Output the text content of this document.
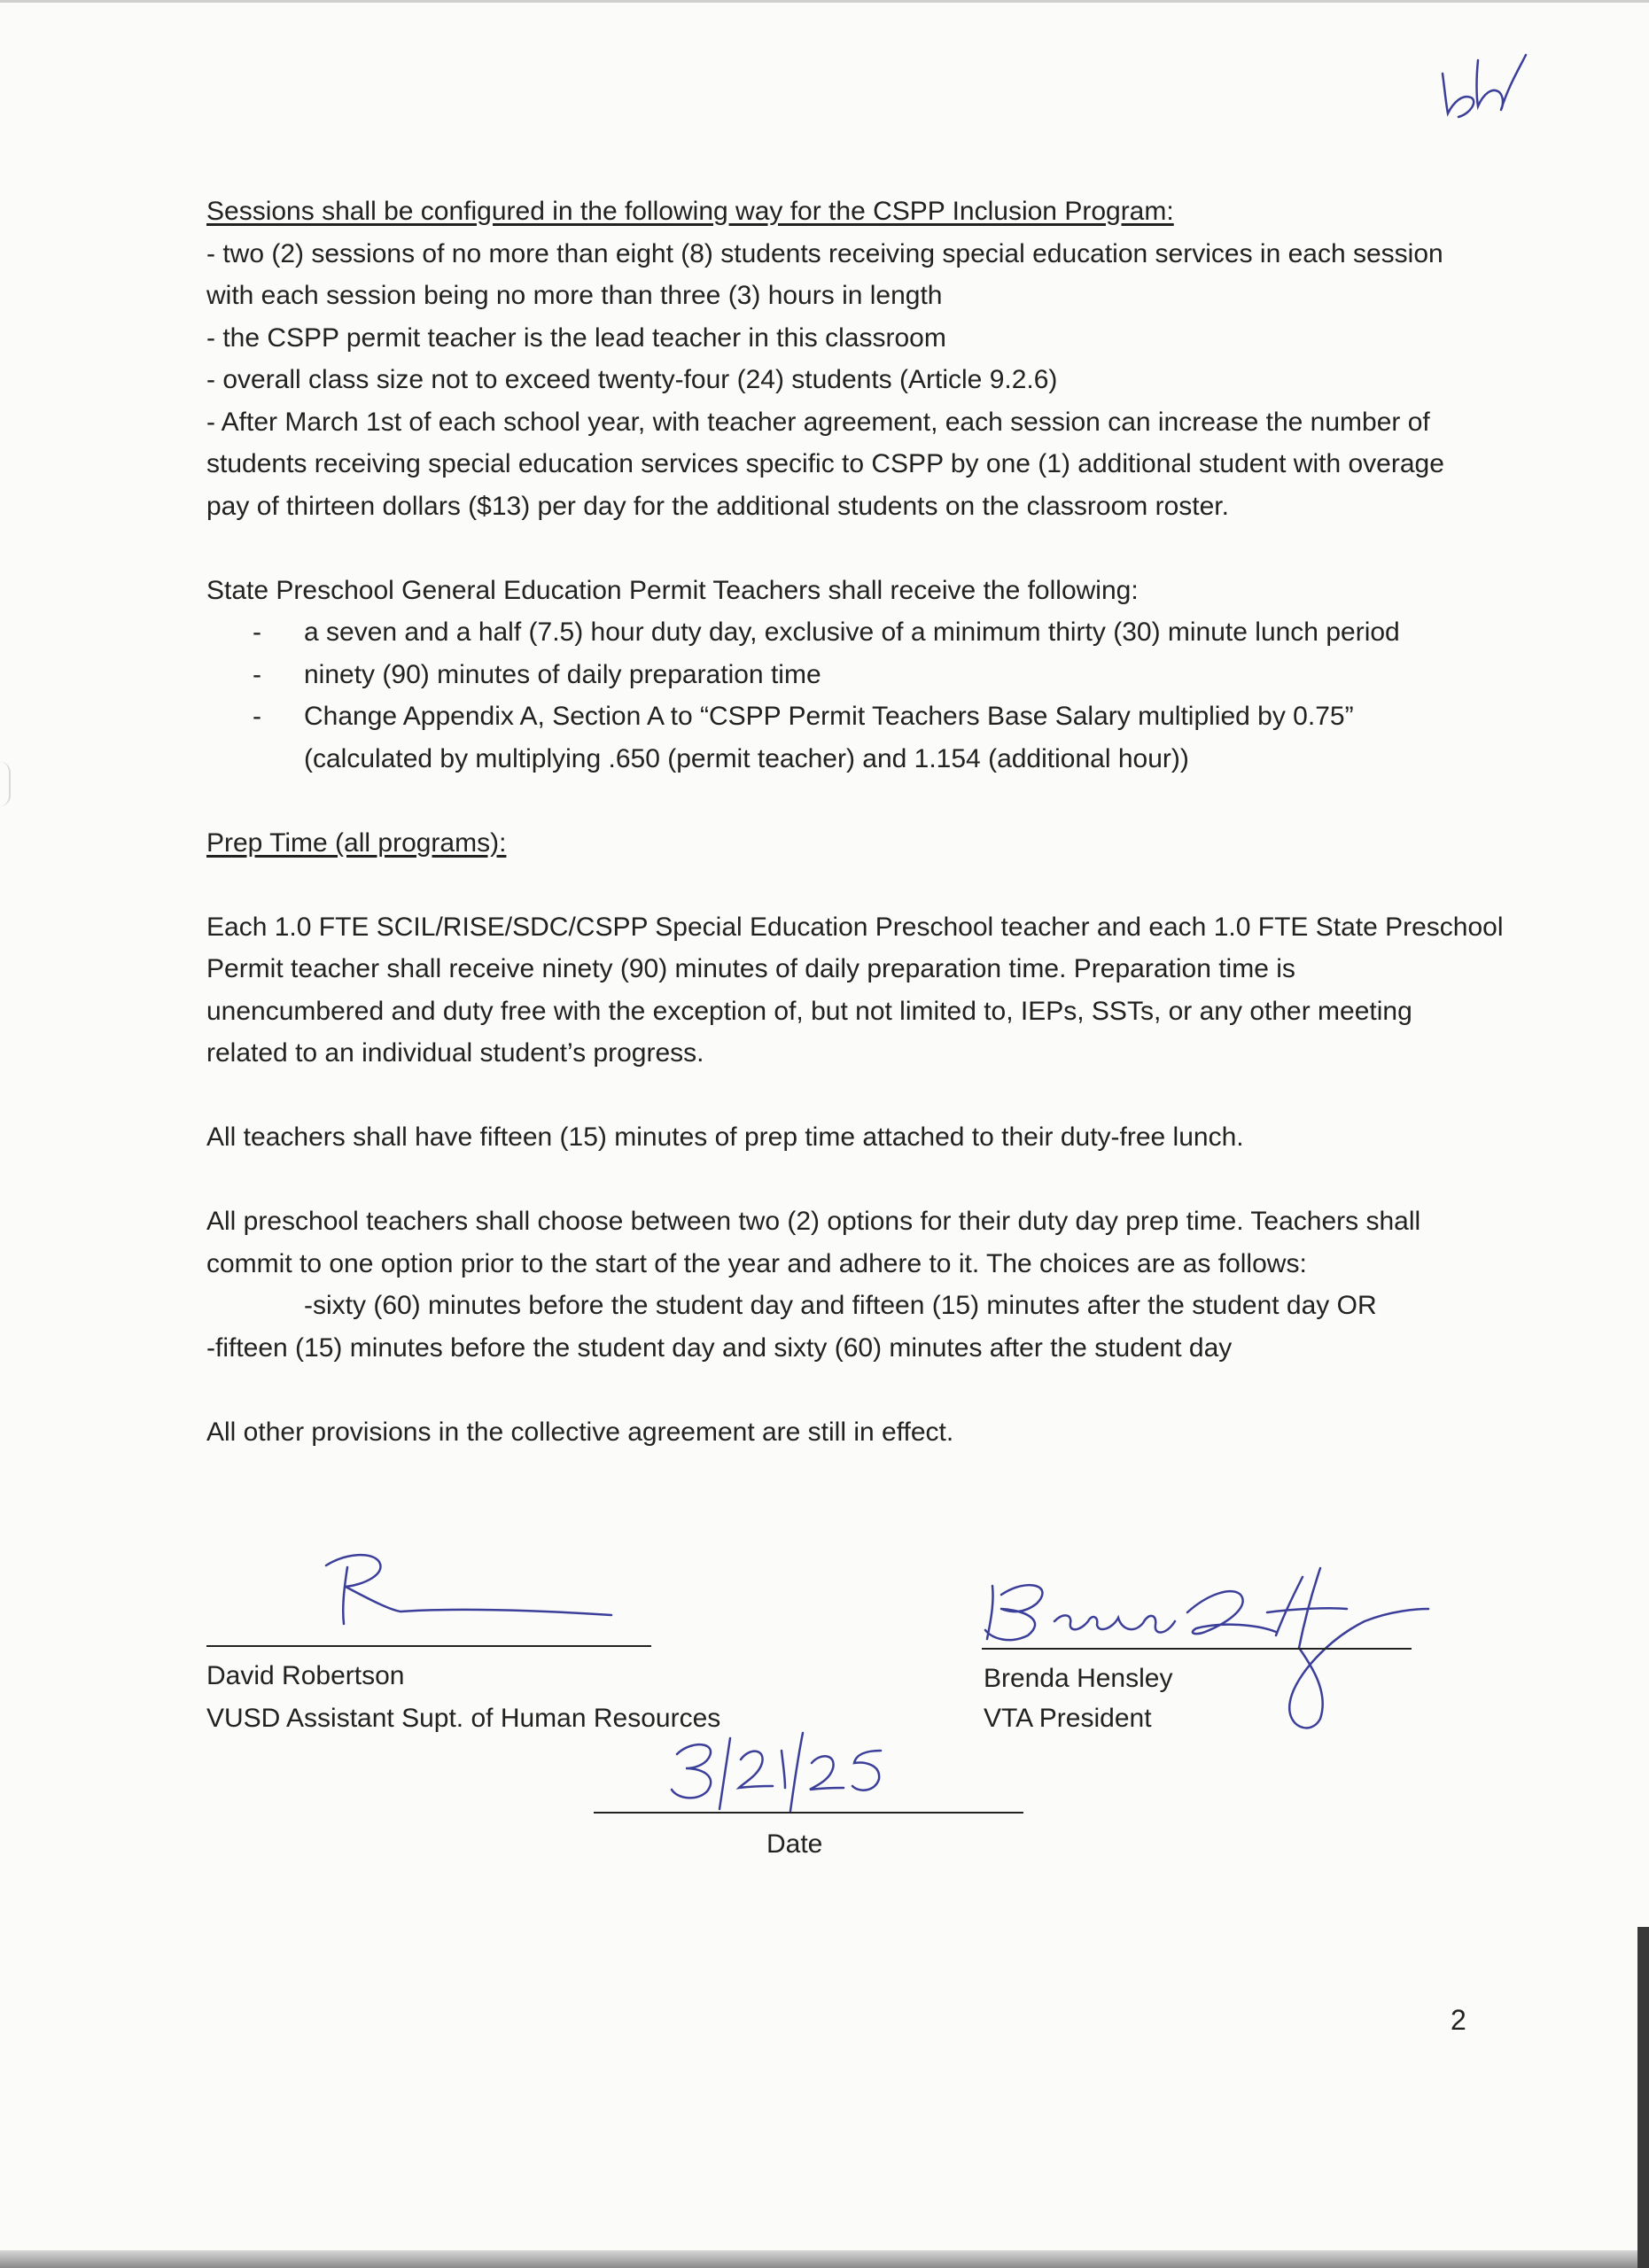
Sessions shall be configured in the following way for the CSPP Inclusion Program:
- two (2) sessions of no more than eight (8) students receiving special education services in each session
with each session being no more than three (3) hours in length
- the CSPP permit teacher is the lead teacher in this classroom
- overall class size not to exceed twenty-four (24) students (Article 9.2.6)
- After March 1st of each school year, with teacher agreement, each session can increase the number of
students receiving special education services specific to CSPP by one (1) additional student with overage
pay of thirteen dollars ($13) per day for the additional students on the classroom roster.
State Preschool General Education Permit Teachers shall receive the following:
- a seven and a half (7.5) hour duty day, exclusive of a minimum thirty (30) minute lunch period
- ninety (90) minutes of daily preparation time
- Change Appendix A, Section A to “CSPP Permit Teachers Base Salary multiplied by 0.75”
(calculated by multiplying .650 (permit teacher) and 1.154 (additional hour))
Prep Time (all programs):
Each 1.0 FTE SCIL/RISE/SDC/CSPP Special Education Preschool teacher and each 1.0 FTE State Preschool
Permit teacher shall receive ninety (90) minutes of daily preparation time. Preparation time is
unencumbered and duty free with the exception of, but not limited to, IEPs, SSTs, or any other meeting
related to an individual student’s progress.
All teachers shall have fifteen (15) minutes of prep time attached to their duty-free lunch.
All preschool teachers shall choose between two (2) options for their duty day prep time. Teachers shall
commit to one option prior to the start of the year and adhere to it. The choices are as follows:
-sixty (60) minutes before the student day and fifteen (15) minutes after the student day OR
-fifteen (15) minutes before the student day and sixty (60) minutes after the student day
All other provisions in the collective agreement are still in effect.
David Robertson
VUSD Assistant Supt. of Human Resources
Brenda Hensley
VTA President
Date
2
